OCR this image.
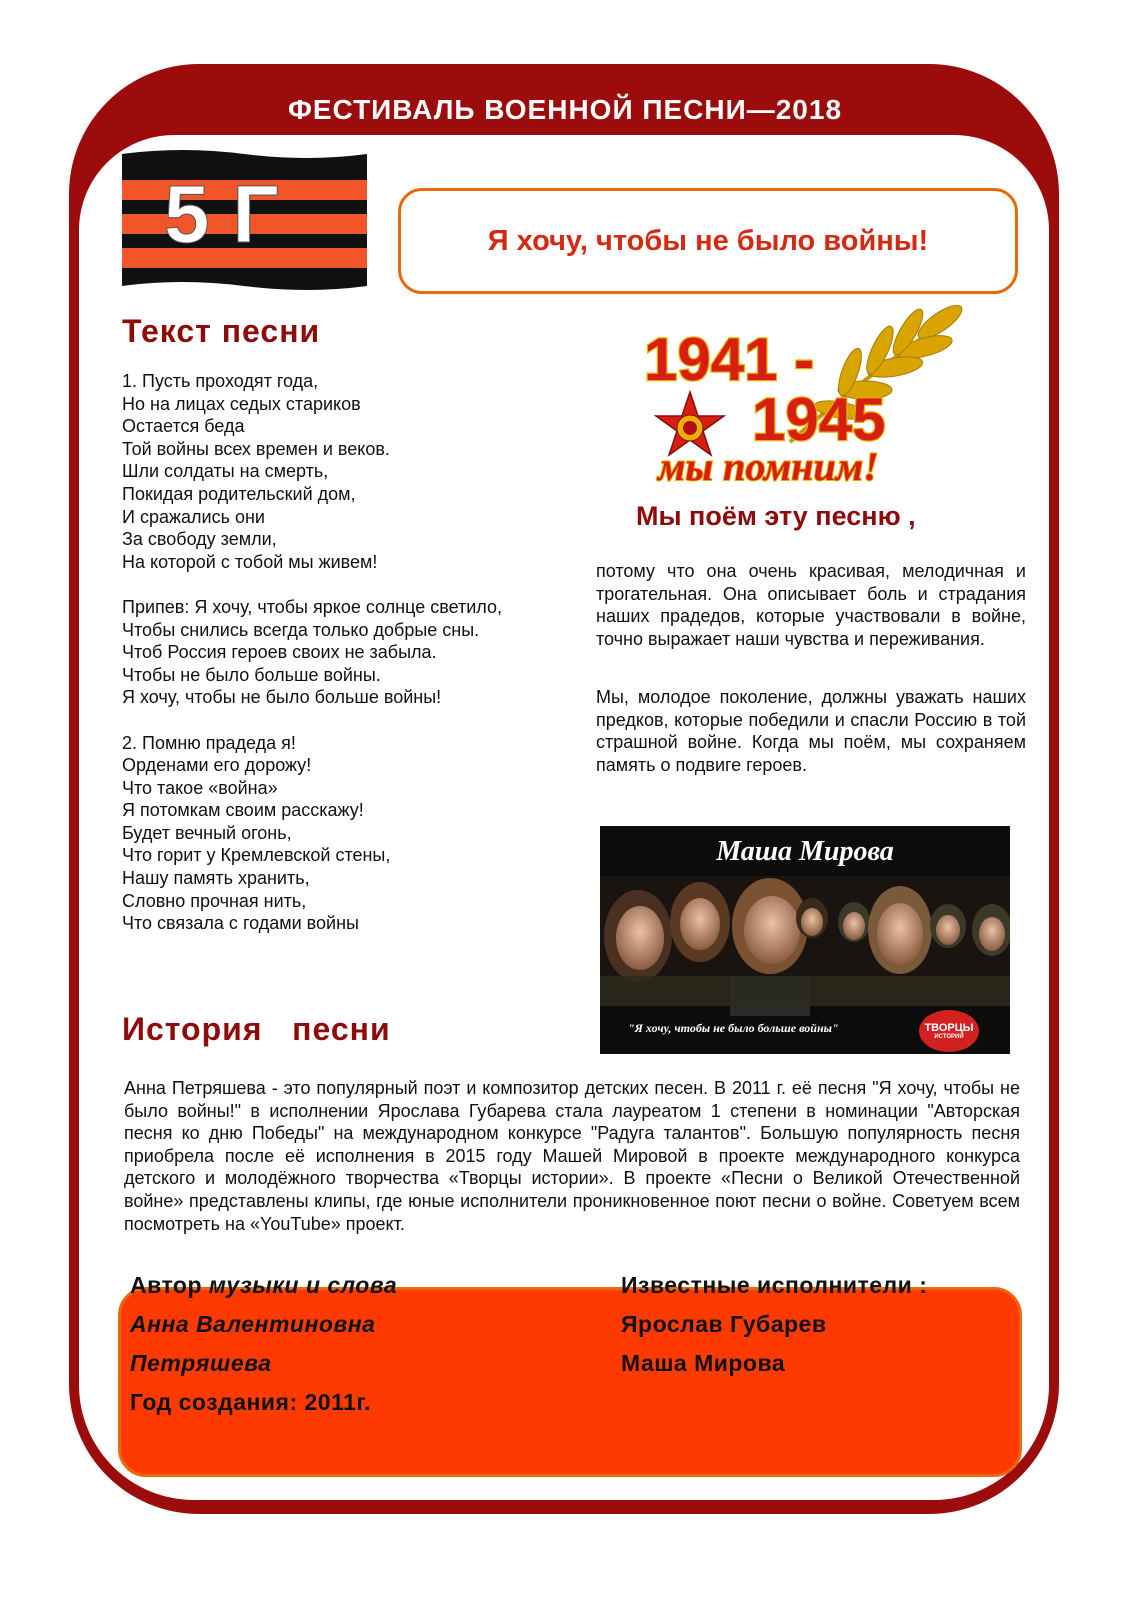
ФЕСТИВАЛЬ ВОЕННОЙ ПЕСНИ—2018
“О войне, о той далёкой, где я не был“
5 Г	Я хочу, чтобы не было войны!
Текст песни
1. Пусть проходят года,
Но на лицах седых стариков
Остается беда
Той войны всех времен и веков.
Шли солдаты на смерть,
Покидая родительский дом,
И сражались они
За свободу земли,
На которой с тобой мы живем!
Припев: Я хочу, чтобы яркое солнце светило,
Чтобы снились всегда только добрые сны.
Чтоб Россия героев своих не забыла.
Чтобы не было больше войны.
Я хочу, чтобы не было больше войны!
2. Помню прадеда я!
Орденами его дорожу!
Что такое «война»
Я потомкам своим расскажу!
Будет вечный огонь,
Что горит у Кремлевской стены,
Нашу память хранить,
Словно прочная нить,
Что связала с годами войны
1941 -
1945
мы помним!
Мы поём эту песню ,
потому что она очень красивая, мелодичная и трогательная. Она описывает боль и страдания наших прадедов, которые участвовали в войне, точно выражает наши чувства и переживания.
Мы, молодое поколение, должны уважать наших предков, которые победили и спасли Россию в той страшной войне. Когда мы поём, мы сохраняем память о подвиге героев.
Маша Мирова
"Я хочу, чтобы не было больше войны"	ТВОРЦЫ
ИСТОРИИ
История   песни
Анна Петряшева - это популярный поэт и композитор детских песен. В 2011 г. её песня "Я хочу, чтобы не было войны!" в исполнении Ярослава Губарева стала лауреатом 1 степени в номинации "Авторская песня ко дню Победы" на международном конкурсе "Радуга талантов". Большую популярность песня приобрела после её исполнения в 2015 году Машей Мировой в проекте международного конкурса детского и молодёжного творчества «Творцы истории». В проекте «Песни о Великой Отечественной войне» представлены клипы, где юные исполнители проникновенное поют песни о войне. Советуем всем посмотреть на «YouTube» проект.
Автор музыки и слова
Анна Валентиновна
Петряшева
Год создания: 2011г.
Известные исполнители :
Ярослав Губарев
Маша Мирова
